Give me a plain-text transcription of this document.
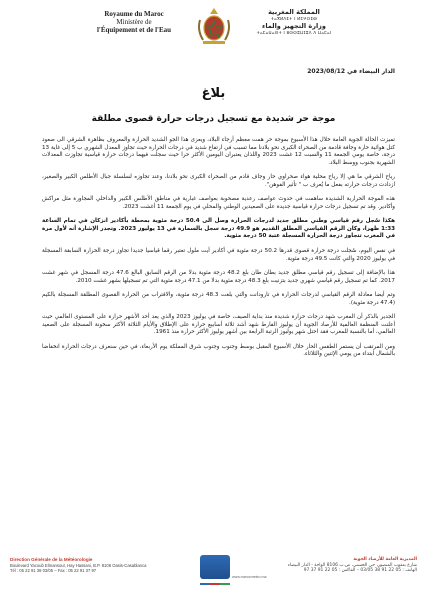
Royaume du Maroc
Ministère de
l'Équipement et de l'Eau
المملكة المغربية
ⵜⴰⴳⵍⴷⵉⵜ ⵏ ⵍⵎⵖⵔⵉⴱ
وزارة التجهيز والماء
ⵜⴰⵎⴰⵡⴰⵙⵜ ⵏ ⵓⵙⵙⴻⵡⵊⴻⴷ ⴷ ⵡⴰⵎⴰⵏ
الدار البيضاء في 2023/08/12
بلاغ
موجة حر شديدة مع تسجيل درجات حرارة قصوى مطلقة

تميزت الحالة الجوية العامة خلال هذا الأسبوع بموجة حر همت معظم أرجاء البلاد، ويعزى هذا الجو الشديد الحرارة والمعروف بظاهرة الشرقي الى صعود كتل هوائية حارة وجافة قادمة من الصحراء الكبرى نحو بلادنا مما تسبب في ارتفاع شديد في درجات الحرارة حيث تجاوز المعدل الشهري ب 5 إلى غاية 13 درجة، خاصة يومي الجمعة 11 والسبت 12 غشت 2023 واللذان يعتبران اليومين الأكثر حرا حيث سجلت فيهما درجات حرارة قياسية تجاوزت المعدلات الشهرية بجنوب ووسط البلاد.

رياح الشرقي ما هي إلا رياح محلية هواء صحراوي حار وجاف قادم من الصحراء الكبرى نحو بلادنا، وعند تجاوزه لسلسلة جبال الأطلس الكبير والصغير، ازدادت درجات حرارته بفعل ما يُعرف ب " تأثير الفوهن".

هذه الموجة الحرارية الشديدة ساهمت في حدوث عواصف رعدية مصحوبة بعواصف غبارية في مناطق الأطلس الكبير والداخلي المجاورة مثل مراكش وأكادير. وقد تم تسجيل درجات حرارة قياسية جديدة على الصعيدين الوطني والمحلي في يوم الجمعة 11 أغشت 2023.

هكذا سُجل رقم قياسي وطني مطلق جديد لدرجات الحرارة وصل الى 50.4 درجة مئوية بمحطة بأكادير انزكان في تمام الساعة 1:33 ظهرا، وكان الرقم القياسي المطلق القديم هو 49.9 درجة سجل بالسمارة في 13 يوليوز 2023. وتجدر الإشارة أنه لأول مرة في المغرب تتجاوز درجة الحرارة المسجلة عتبة 50 درجة مئوية.

في نفس اليوم، سُجلت درجة حرارة قصوى قدرها 50.2 درجة مئوية في أكادير أيت ملول تعتبر رقما قياسيا جديدا تجاوز درجة الحرارة السابقة المسجلة في يوليوز 2020 والتي كانت 49.5 درجة مئوية.

هذا بالإضافة إلى تسجيل رقم قياسي مطلق جديد بطان طان بلغ 48.2 درجة مئوية بدلا من الرقم السابق البالغ 47.6 درجة المسجل في شهر غشت 2017. كما تم تسجيل رقم قياسي شهري جديد بتزنيت بلغ 48.3 درجة مئوية بدلا من 47.1 درجة مئوية التي تم تسجيلها بشهر غشت 2010.

وتم أيضا معادلة الرقم القياسي لدرجات الحرارة في تارودانت والتي بلغت 48.3 درجة مئوية، والاقتراب من الحرارة القصوى المطلقة المسجلة بالكيم (47.4 درجة مئوية).

الجدير بالذكر أن المغرب شهد درجات حرارة شديدة منذ بداية الصيف، خاصة في يوليوز 2023 والذي يعد أحد الأشهر حرارة على المستوى العالمي حيث أعلنت المنظمة العالمية للأرصاد الجوية أن يوليوز الفارط شهد أشد ثلاثة أسابيع حرارة على الإطلاق والأيام الثلاثة الأكثر سخونة المسجلة على الصعيد العالمي، أما بالنسبة للمغرب فقد احتل شهر يوليوز الرتبة الرابعة بين أشهر يوليوز الأكثر حرارة منذ 1961.

ومن المرتقب أن يستمر الطقس الحار خلال الأسبوع المقبل بوسط وجنوب وجنوب شرق المملكة يوم الأربعاء، في حين سنعرف درجات الحرارة انخفاضا بالشمال ابتداء من يومي الإثنين والثلاثاء.

Direction Générale de la Météorologie
Boulevard Yacoub Elmansour, Hay Hassani, B.P. 8106 Oasis-Casablanca
Tél : 05 22 91 38 03/05 – Fax : 05 22 91 37 97
www.marocmeteo.ma
المديرية العامة للأرصاد الجوية
شارع يعقوب المنصور، حي الحسني، ص.ب 8106 الواحة - الدار البيضاء
الهاتف : 05 22 91 38 03/05 – الفاكس : 05 22 91 37 97
